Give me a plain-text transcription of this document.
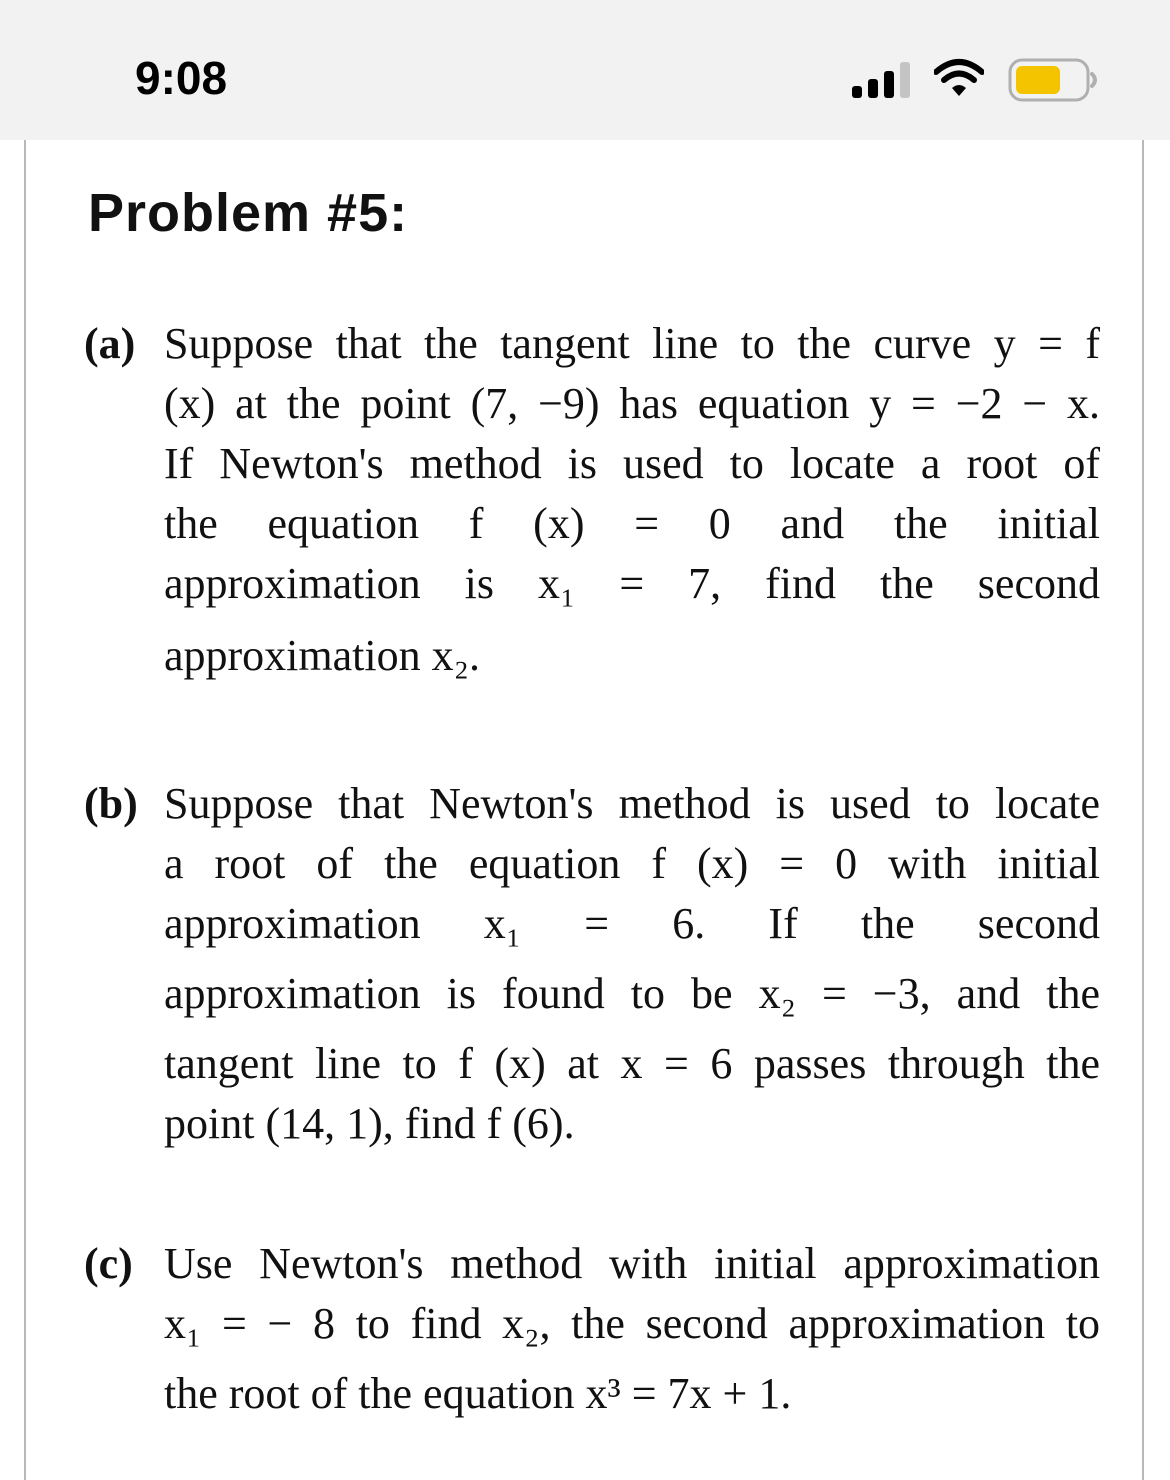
9:08
Problem #5:
(a) Suppose that the tangent line to the curve y = f
(x) at the point (7, −9) has equation y = −2 − x.
If Newton's method is used to locate a root of
the equation f (x) = 0 and the initial
approximation is x₁ = 7, find the second
approximation x₂.
(b) Suppose that Newton's method is used to locate
a root of the equation f (x) = 0 with initial
approximation x₁ = 6. If the second
approximation is found to be x₂ = −3, and the
tangent line to f (x) at x = 6 passes through the
point (14, 1), find f (6).
(c) Use Newton's method with initial approximation
x₁ = − 8 to find x₂, the second approximation to
the root of the equation x³ = 7x + 1.
